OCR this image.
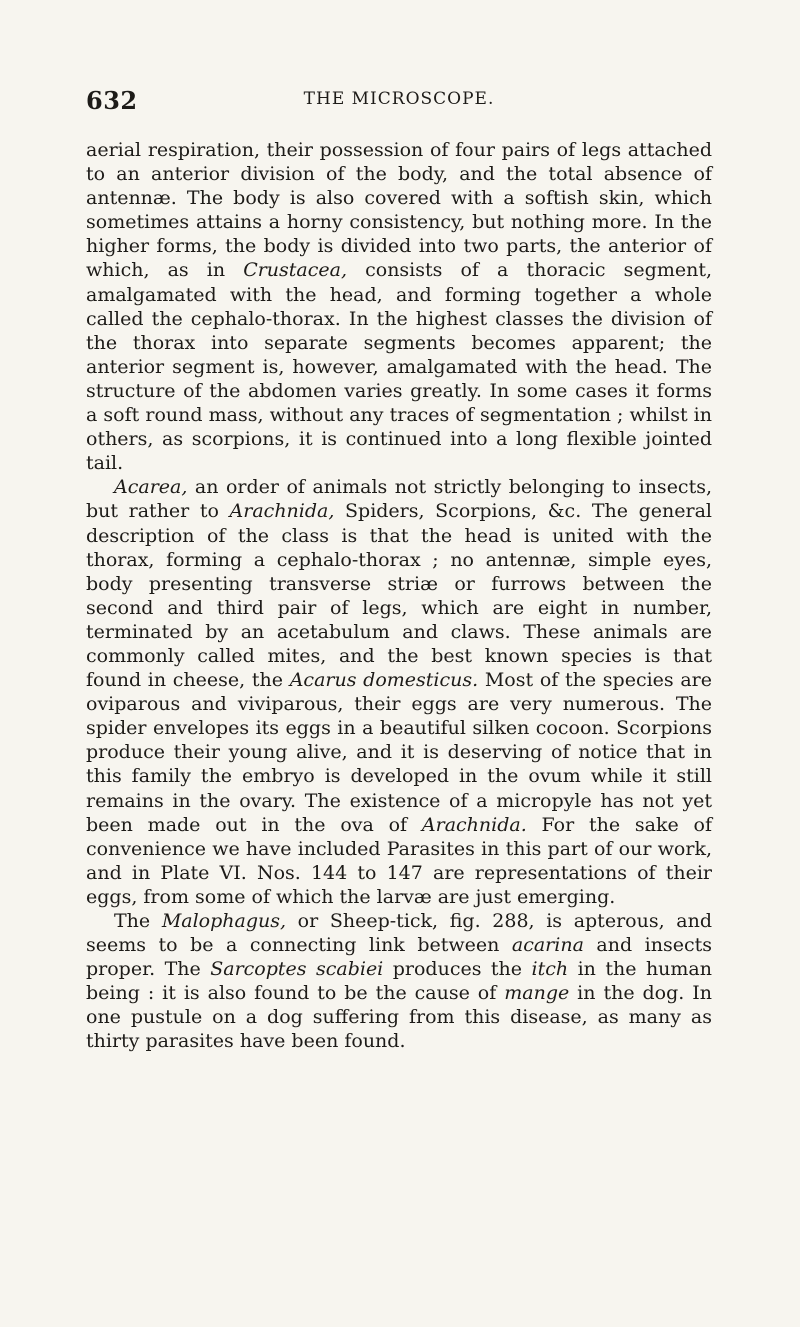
632	THE MICROSCOPE.

aerial respiration, their possession of four pairs of legs attached to an anterior division of the body, and the total absence of antennæ. The body is also covered with a softish skin, which sometimes attains a horny consistency, but nothing more. In the higher forms, the body is divided into two parts, the anterior of which, as in Crustacea, consists of a thoracic segment, amalgamated with the head, and forming together a whole called the cephalo-thorax. In the highest classes the division of the thorax into separate segments becomes apparent; the anterior segment is, however, amalgamated with the head. The structure of the abdomen varies greatly. In some cases it forms a soft round mass, without any traces of segmentation ; whilst in others, as scorpions, it is continued into a long flexible jointed tail.

Acarea, an order of animals not strictly belonging to insects, but rather to Arachnida, Spiders, Scorpions, &c. The general description of the class is that the head is united with the thorax, forming a cephalo-thorax ; no antennæ, simple eyes, body presenting transverse striæ or furrows between the second and third pair of legs, which are eight in number, terminated by an acetabulum and claws. These animals are commonly called mites, and the best known species is that found in cheese, the Acarus domesticus. Most of the species are oviparous and viviparous, their eggs are very numerous. The spider envelopes its eggs in a beautiful silken cocoon. Scorpions produce their young alive, and it is deserving of notice that in this family the embryo is developed in the ovum while it still remains in the ovary. The existence of a micropyle has not yet been made out in the ova of Arachnida. For the sake of convenience we have included Parasites in this part of our work, and in Plate VI. Nos. 144 to 147 are representations of their eggs, from some of which the larvæ are just emerging.

The Malophagus, or Sheep-tick, fig. 288, is apterous, and seems to be a connecting link between acarina and insects proper. The Sarcoptes scabiei produces the itch in the human being : it is also found to be the cause of mange in the dog. In one pustule on a dog suffering from this disease, as many as thirty parasites have been found.
